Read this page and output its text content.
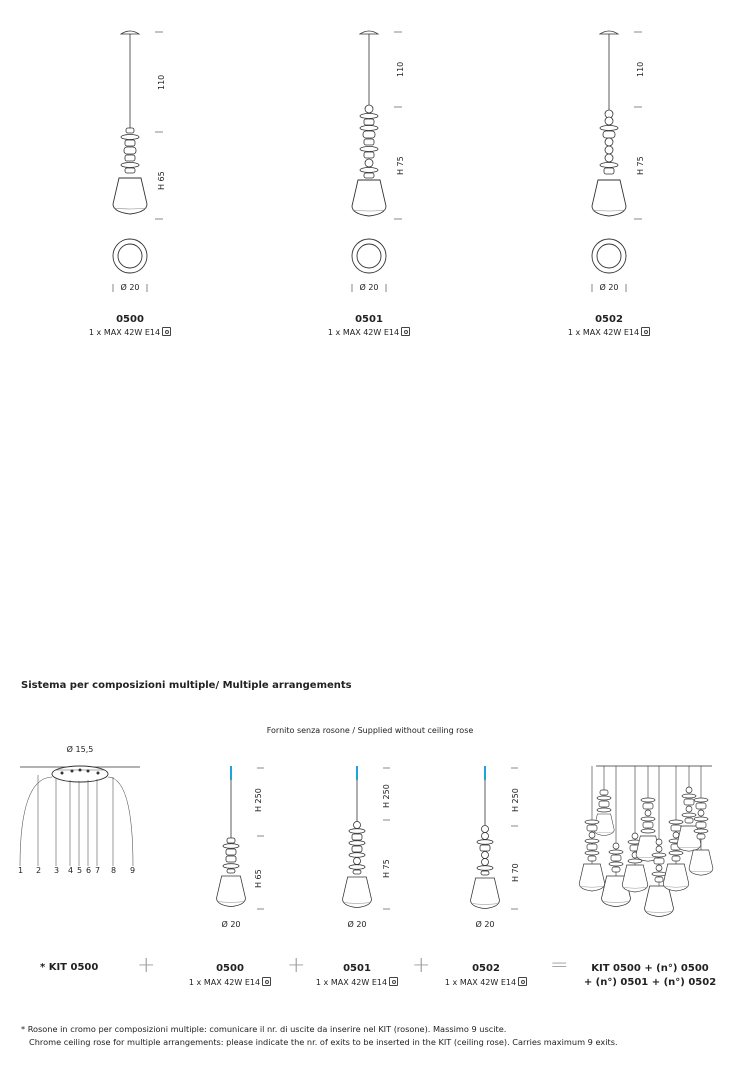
110
H 65
Ø 20
0500
1 x MAX 42W E14
110
H 75
Ø 20
0501
1 x MAX 42W E14
110
H 75
Ø 20
0502
1 x MAX 42W E14
Sistema per composizioni multiple/ Multiple arrangements
Fornito senza rosone / Supplied without ceiling rose
Ø 15,5
1 2 3 4 5 6 7 8 9
H 250
H 65
Ø 20
H 250
H 75
Ø 20
H 250
H 70
Ø 20
* KIT 0500	+	0500
1 x MAX 42W E14
+	0501
1 x MAX 42W E14
+	0502
1 x MAX 42W E14
=	KIT 0500 + (n°) 0500
+ (n°) 0501 + (n°) 0502
* Rosone in cromo per composizioni multiple: comunicare il nr. di uscite da inserire nel KIT (rosone). Massimo 9 uscite.
Chrome ceiling rose for multiple arrangements: please indicate the nr. of exits to be inserted in the KIT (ceiling rose). Carries maximum 9 exits.
